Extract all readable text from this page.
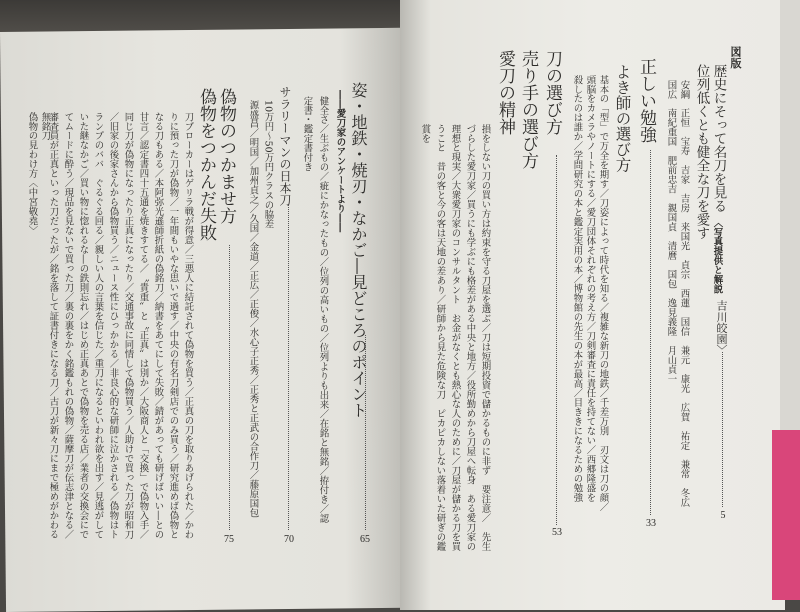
図版
歴史にそって名刀を見る
〈写真提供と解説
吉川皎園〉
5
位列低くとも健全な刀を愛す
安綱　正恒　宝寿　吉家　吉房　来国光　貞宗　西蓮　国信　兼元　康光　広賀　祐定　兼常　冬広
国広　南紀重国　肥前忠吉　親国貞　清麿　国包　逸見義隆　月山貞一
正しい勉強
33
よき師の選び方
基本の「型」で万全を期す／刀姿によって時代を知る／複雑な新刀の地鉄／千差万別　刃文は刀の顔／
頭脳をカメラやノートにする／愛刀団体それぞれの考え方／刀剣審査に責任を持てない／西郷隆盛を
殺したのは誰か／学問研究の本と鑑定実用の本／博物館の先生の本が最高／目ききになるための勉強
刀の選び方
53
売り手の選び方
愛刀の精神
損をしない刀の買い方は約束を守る刀屋を選ぶ／刀は短期投資で儲かるものに非ず　要注意／　先生
づらした愛刀家／買うにも学ぶにも格差がある中央と地方／役所勤めから刀屋へ転身　ある愛刀家の
理想と現実／大衆愛刀家のコンサルタント　お金がなくとも熱心な人のために／刀屋が儲かる刀を買
うこと　昔の客と今の客は天地の差あり／研師から見た危険な刀　ピカピカしない落着いた研ぎの鑑
賞を
姿・地鉄・焼刃・なかご―見どころのポイント
65
――愛刀家のアンケートより――
健全さ／生ぶもの／疵にかなったもの／位列の高いもの／位列よりも出来／在銘と無銘／拵付き／認
定書・鑑定書付き
サラリーマンの日本刀
70
10万円～50万円クラスの脇差
源盛昌／明国／加州貞之／久国／金道／正広／正俊／水心子正秀／正秀と正武の合作刀／藤原国包
偽物のつかませ方
偽物をつかんだ失敗
75
刀ブローカーはゲリラ戦が得意／三悪人に結託されて偽物を買う／正真の刀を取りあげられた／かわ
りに預った刀が偽物／一年間もいやな思いで過す／中央の有名刀剣店でのみ買う／研究進めば偽物と
なる刀もある／本阿弥光遜師折紙の偽銘刀／納書をあてにして失敗／錆があっても研げばいい―との
甘言／認定書四十五通を焼きすてる／〝貴重〟と〝正真〟は別か／大阪商人と「交換」で偽物入手／
同じ刀が偽物になったり正真になったり／交通事故に同情して偽物買う／人助けで買った刀が昭和刀
／旧家の後家さんから偽物買う／ニュース性にひっかかる／非良心的な研師に泣かされる／偽物はト
ランプのババ　ぐるぐる回る／親しい人の言葉を信じた／重刀になるといわれ欲を出す／見逃がして
いた継なかご／買い物に惚れるな―の鉄則忘れ／はじめ正真あとで偽物を売る店／業者の交換会にで
てムードに酔う／現品を見ないで買った刀／裏の裏をかく銘鑑もれの偽物／薩摩刀が伝志津となる／
審査員が正真といった刀だったが／銘を落して証書付きになる刀／古刀が新々刀にまで極めがかわる
無銘刀
偽物の見わけ方〈中宮敬堯〉
